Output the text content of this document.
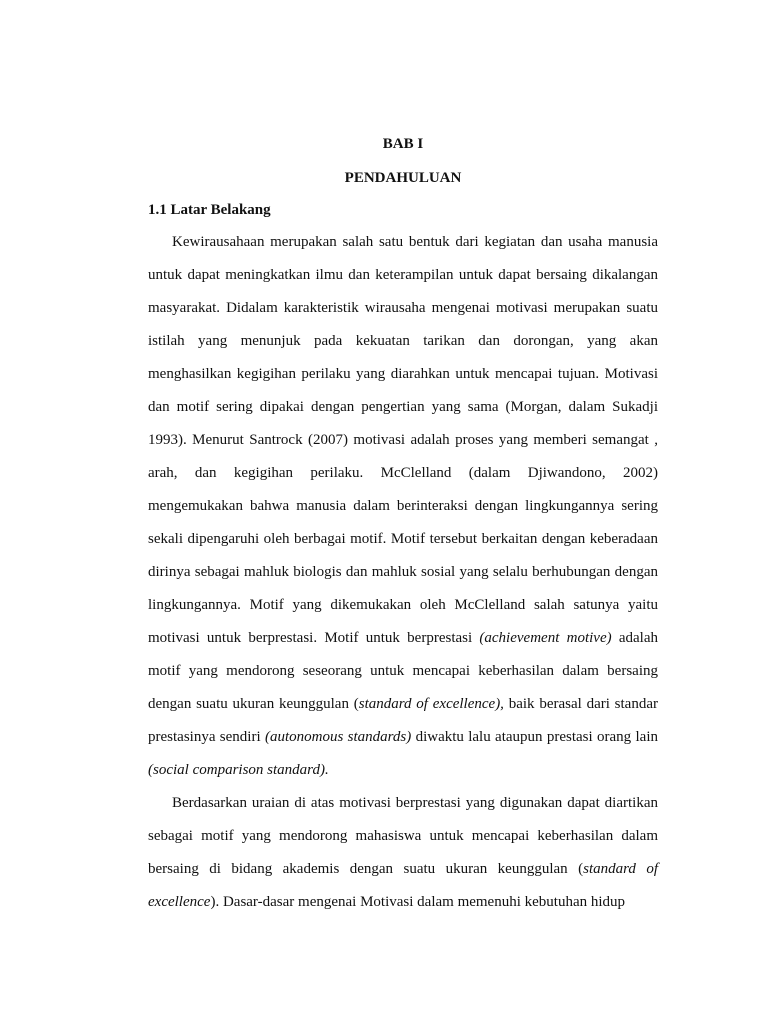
BAB I

PENDAHULUAN

1.1 Latar Belakang

Kewirausahaan merupakan salah satu bentuk dari kegiatan dan usaha manusia untuk dapat meningkatkan ilmu dan keterampilan untuk dapat bersaing dikalangan masyarakat. Didalam karakteristik wirausaha mengenai motivasi merupakan suatu istilah yang menunjuk pada kekuatan tarikan dan dorongan, yang akan menghasilkan kegigihan perilaku yang diarahkan untuk mencapai tujuan. Motivasi dan motif sering dipakai dengan pengertian yang sama (Morgan, dalam Sukadji 1993). Menurut Santrock (2007) motivasi adalah proses yang memberi semangat , arah, dan kegigihan perilaku. McClelland (dalam Djiwandono, 2002) mengemukakan bahwa manusia dalam berinteraksi dengan lingkungannya sering sekali dipengaruhi oleh berbagai motif. Motif tersebut berkaitan dengan keberadaan dirinya sebagai mahluk biologis dan mahluk sosial yang selalu berhubungan dengan lingkungannya. Motif yang dikemukakan oleh McClelland salah satunya yaitu motivasi untuk berprestasi. Motif untuk berprestasi (achievement motive) adalah motif yang mendorong seseorang untuk mencapai keberhasilan dalam bersaing dengan suatu ukuran keunggulan (standard of excellence), baik berasal dari standar prestasinya sendiri (autonomous standards) diwaktu lalu ataupun prestasi orang lain (social comparison standard).

Berdasarkan uraian di atas motivasi berprestasi yang digunakan dapat diartikan sebagai motif yang mendorong mahasiswa untuk mencapai keberhasilan dalam bersaing di bidang akademis dengan suatu ukuran keunggulan (standard of excellence). Dasar-dasar mengenai Motivasi dalam memenuhi kebutuhan hidup
